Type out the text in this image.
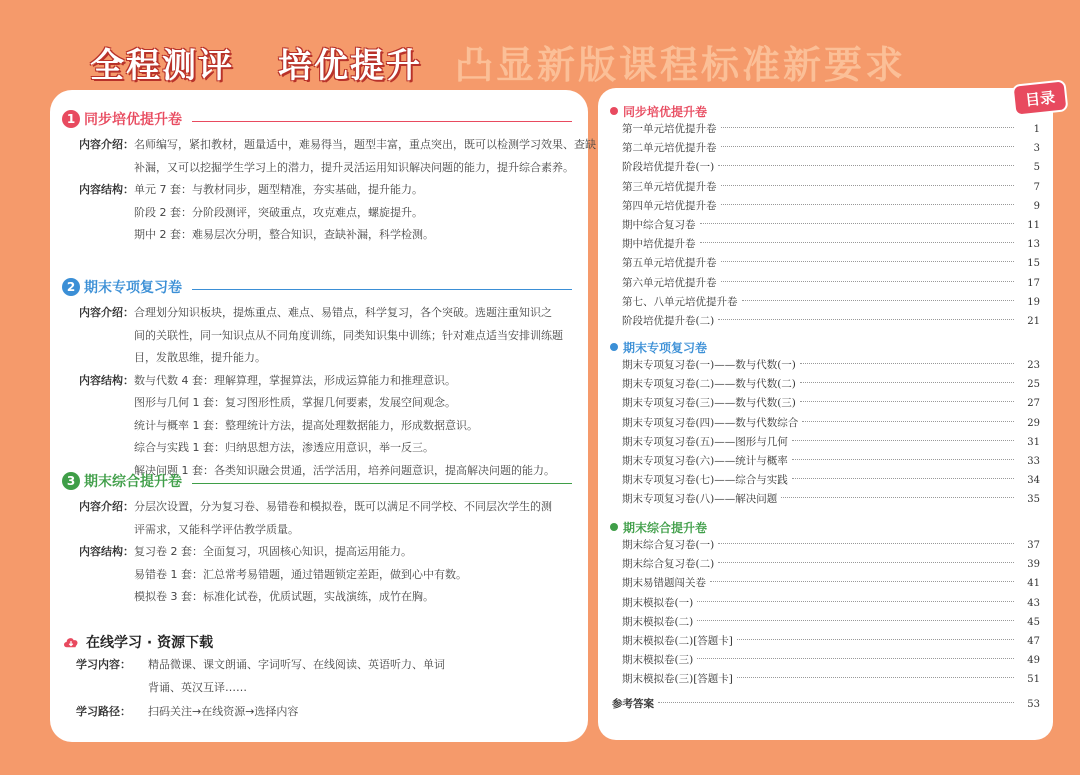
全程测评 培优提升 凸显新版课程标准新要求
1 同步培优提升卷
内容介绍： 名师编写，紧扣教材，题量适中，难易得当，题型丰富，重点突出，既可以检测学习效果、查缺
补漏，又可以挖掘学生学习上的潜力，提升灵活运用知识解决问题的能力，提升综合素养。
内容结构： 单元 7 套：与教材同步，题型精准，夯实基础，提升能力。
阶段 2 套：分阶段测评，突破重点，攻克难点，螺旋提升。
期中 2 套：难易层次分明，整合知识，查缺补漏，科学检测。
2 期末专项复习卷
内容介绍： 合理划分知识板块，提炼重点、难点、易错点，科学复习，各个突破。选题注重知识之
间的关联性，同一知识点从不同角度训练，同类知识集中训练；针对难点适当安排训练题
目，发散思维，提升能力。
内容结构： 数与代数 4 套：理解算理，掌握算法，形成运算能力和推理意识。
图形与几何 1 套：复习图形性质，掌握几何要素，发展空间观念。
统计与概率 1 套：整理统计方法，提高处理数据能力，形成数据意识。
综合与实践 1 套：归纳思想方法，渗透应用意识，举一反三。
解决问题 1 套：各类知识融会贯通，活学活用，培养问题意识，提高解决问题的能力。
3 期末综合提升卷
内容介绍： 分层次设置，分为复习卷、易错卷和模拟卷，既可以满足不同学校、不同层次学生的测
评需求，又能科学评估教学质量。
内容结构： 复习卷 2 套：全面复习，巩固核心知识，提高运用能力。
易错卷 1 套：汇总常考易错题，通过错题锁定差距，做到心中有数。
模拟卷 3 套：标准化试卷，优质试题，实战演练，成竹在胸。
在线学习 · 资源下载
学习内容：	精品微课、课文朗诵、字词听写、在线阅读、英语听力、单词
背诵、英汉互译……
学习路径：	扫码关注→在线资源→选择内容
同步培优提升卷
第一单元培优提升卷	1
第二单元培优提升卷	3
阶段培优提升卷(一)	5
第三单元培优提升卷	7
第四单元培优提升卷	9
期中综合复习卷	11
期中培优提升卷	13
第五单元培优提升卷	15
第六单元培优提升卷	17
第七、八单元培优提升卷	19
阶段培优提升卷(二)	21
期末专项复习卷
期末专项复习卷(一)——数与代数(一)	23
期末专项复习卷(二)——数与代数(二)	25
期末专项复习卷(三)——数与代数(三)	27
期末专项复习卷(四)——数与代数综合	29
期末专项复习卷(五)——图形与几何	31
期末专项复习卷(六)——统计与概率	33
期末专项复习卷(七)——综合与实践	34
期末专项复习卷(八)——解决问题	35
期末综合提升卷
期末综合复习卷(一)	37
期末综合复习卷(二)	39
期末易错题闯关卷	41
期末模拟卷(一)	43
期末模拟卷(二)	45
期末模拟卷(二)[答题卡]	47
期末模拟卷(三)	49
期末模拟卷(三)[答题卡]	51
参考答案	53
目录
